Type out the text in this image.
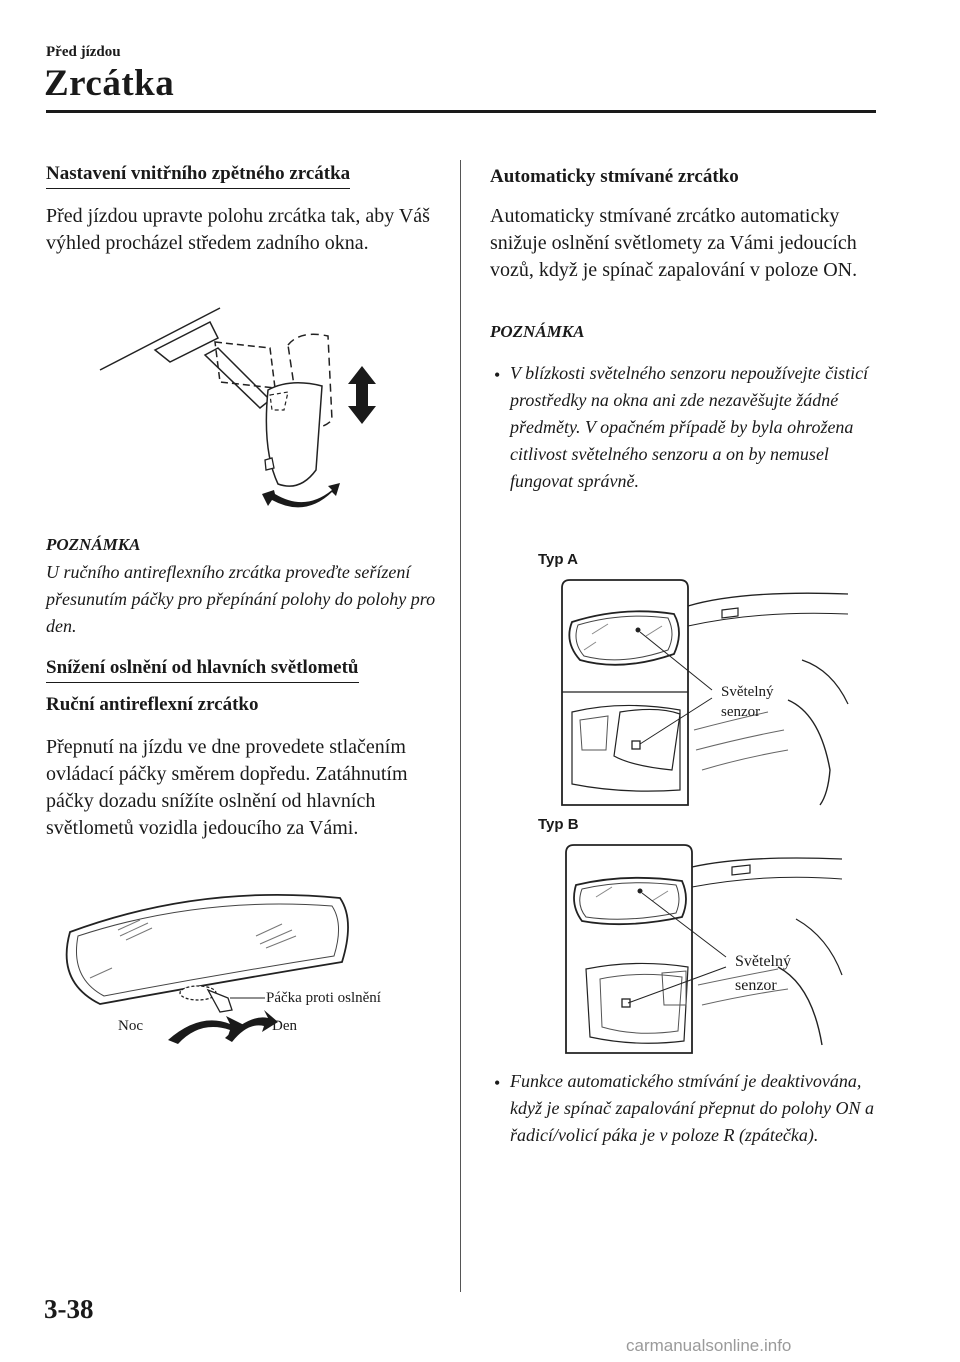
Před jízdou
Zrcátka
Nastavení vnitřního zpětného zrcátka
Před jízdou upravte polohu zrcátka tak, aby Váš výhled procházel středem zadního okna.
POZNÁMKA
U ručního antireflexního zrcátka proveďte seřízení přesunutím páčky pro přepínání polohy do polohy pro den.
Snížení oslnění od hlavních světlometů
Ruční antireflexní zrcátko
Přepnutí na jízdu ve dne provedete stlačením ovládací páčky směrem dopředu. Zatáhnutím páčky dozadu snížíte oslnění od hlavních světlometů vozidla jedoucího za Vámi.
Páčka proti oslnění
Noc	Den
Automaticky stmívané zrcátko
Automaticky stmívané zrcátko automaticky snižuje oslnění světlomety za Vámi jedoucích vozů, když je spínač zapalování v poloze ON.
POZNÁMKA
• V blízkosti světelného senzoru nepoužívejte čisticí prostředky na okna ani zde nezavěšujte žádné předměty. V opačném případě by byla ohrožena citlivost světelného senzoru a on by nemusel fungovat správně.
Typ A
Světelný
senzor
Typ B
Světelný
senzor
• Funkce automatického stmívání je deaktivována, když je spínač zapalování přepnut do polohy ON a řadicí/volicí páka je v poloze R (zpátečka).
3-38
carmanualsonline.info
